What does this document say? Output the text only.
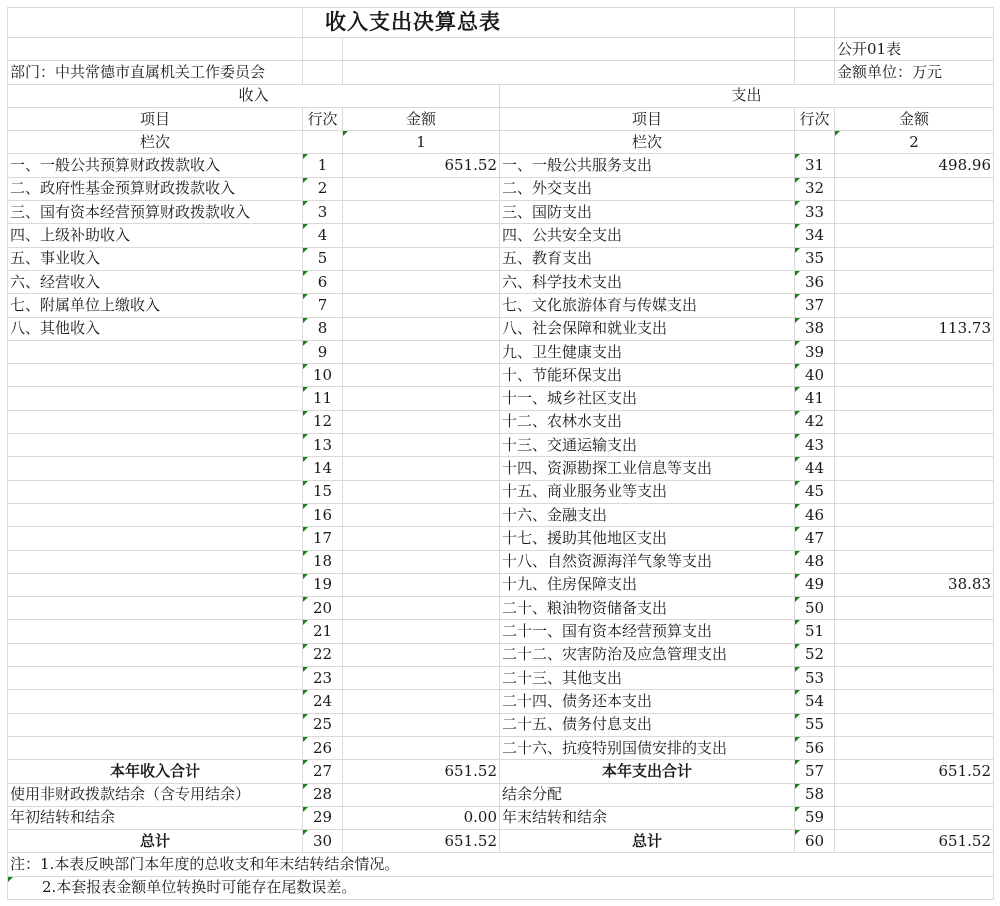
	收入支出决算总表				
					公开01表
部门：中共常德市直属机关工作委员会					金额单位：万元
收入			支出		
项目	行次	金额	项目	行次	金额
栏次		1	栏次		2
一、一般公共预算财政拨款收入	1	651.52	一、一般公共服务支出	31	498.96
二、政府性基金预算财政拨款收入	2		二、外交支出	32	
三、国有资本经营预算财政拨款收入	3		三、国防支出	33	
四、上级补助收入	4		四、公共安全支出	34	
五、事业收入	5		五、教育支出	35	
六、经营收入	6		六、科学技术支出	36	
七、附属单位上缴收入	7		七、文化旅游体育与传媒支出	37	
八、其他收入	8		八、社会保障和就业支出	38	113.73
	9		九、卫生健康支出	39	
	10		十、节能环保支出	40	
	11		十一、城乡社区支出	41	
	12		十二、农林水支出	42	
	13		十三、交通运输支出	43	
	14		十四、资源勘探工业信息等支出	44	
	15		十五、商业服务业等支出	45	
	16		十六、金融支出	46	
	17		十七、援助其他地区支出	47	
	18		十八、自然资源海洋气象等支出	48	
	19		十九、住房保障支出	49	38.83
	20		二十、粮油物资储备支出	50	
	21		二十一、国有资本经营预算支出	51	
	22		二十二、灾害防治及应急管理支出	52	
	23		二十三、其他支出	53	
	24		二十四、债务还本支出	54	
	25		二十五、债务付息支出	55	
	26		二十六、抗疫特别国债安排的支出	56	
本年收入合计	27	651.52	本年支出合计	57	651.52
使用非财政拨款结余（含专用结余）	28		结余分配	58	
年初结转和结余	29	0.00	年末结转和结余	59	
总计	30	651.52	总计	60	651.52
注：1.本表反映部门本年度的总收支和年末结转结余情况。					
2.本套报表金额单位转换时可能存在尾数误差。					
